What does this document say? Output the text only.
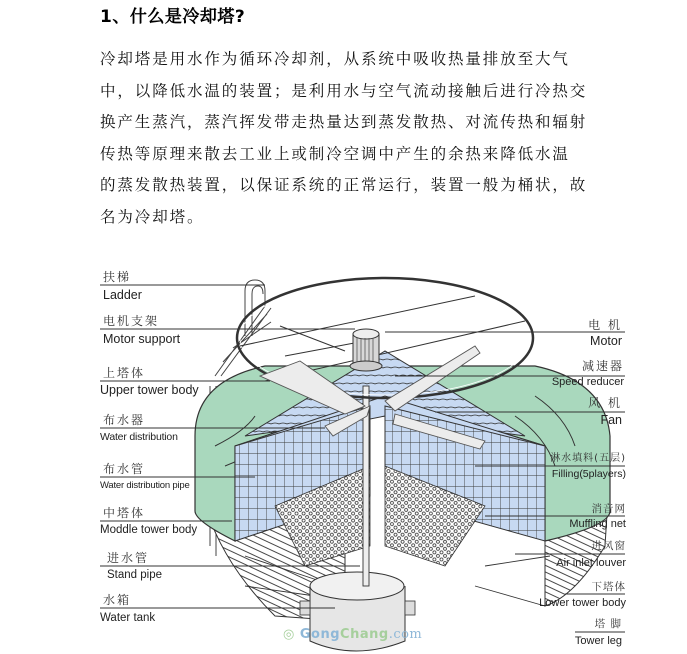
1、什么是冷却塔?
冷却塔是用水作为循环冷却剂，从系统中吸收热量排放至大气
中，以降低水温的装置；是利用水与空气流动接触后进行冷热交
换产生蒸汽，蒸汽挥发带走热量达到蒸发散热、对流传热和辐射
传热等原理来散去工业上或制冷空调中产生的余热来降低水温
的蒸发散热装置，以保证系统的正常运行，装置一般为桶状，故
名为冷却塔。
扶梯
Ladder
电机支架
Motor support
上塔体
Upper tower body
布水器
Water distribution
布水管
Water distribution pipe
中塔体
Moddle tower body
进水管
Stand pipe
水箱
Water tank
电 机
Motor
减速器
Speed reducer
风 机
Fan
淋水填料(五层)
Filling(5players)
消音网
Muffling net
进风窗
Air inlet louver
下塔体
Lower tower body
塔 脚
Tower leg
◎ GongChang.com
